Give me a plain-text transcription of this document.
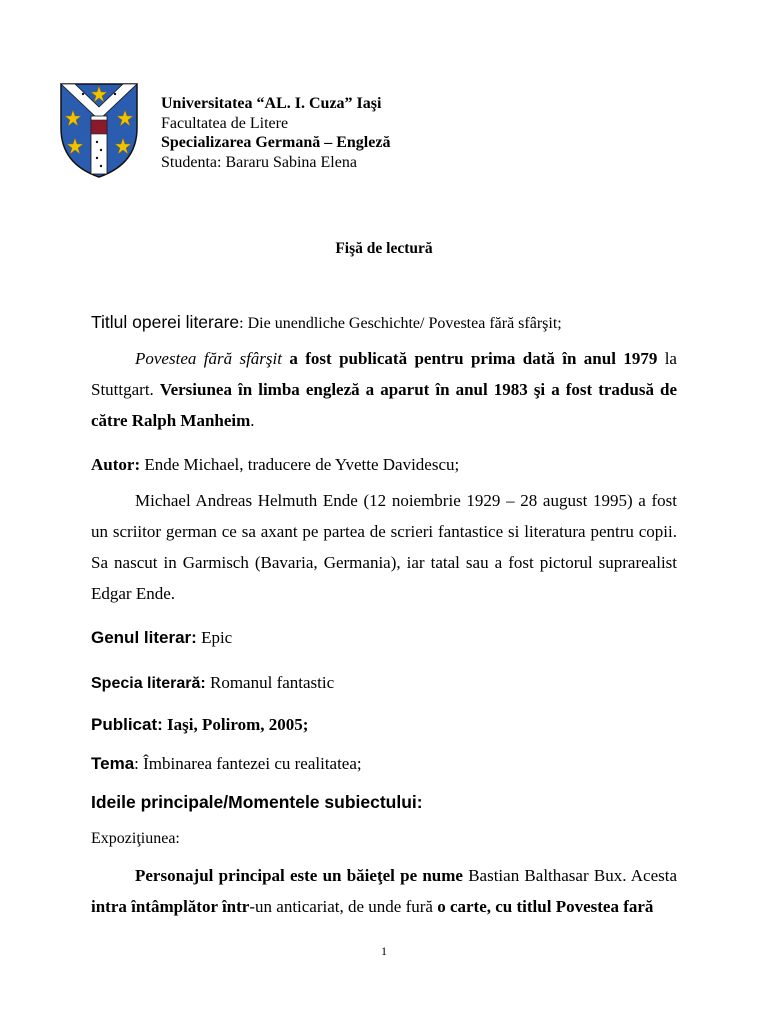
Universitatea “AL. I. Cuza” Iaşi
Facultatea de Litere
Specializarea Germană – Engleză
Studenta: Bararu Sabina Elena
Fişă de lectură
Titlul operei literare: Die unendliche Geschichte/ Povestea fără sfârşit;
Povestea fără sfârşit a fost publicată pentru prima dată în anul 1979 la Stuttgart. Versiunea în limba engleză a aparut în anul 1983 şi a fost tradusă de către Ralph Manheim.
Autor: Ende Michael, traducere de Yvette Davidescu;
Michael Andreas Helmuth Ende (12 noiembrie 1929 – 28 august 1995) a fost un scriitor german ce sa axant pe partea de scrieri fantastice si literatura pentru copii. Sa nascut in Garmisch (Bavaria, Germania), iar tatal sau a fost pictorul suprarealist Edgar Ende.
Genul literar: Epic
Specia literară: Romanul fantastic
Publicat: Iaşi, Polirom, 2005;
Tema: Îmbinarea fantezei cu realitatea;
Ideile principale/Momentele subiectului:
Expoziţiunea:
Personajul principal este un băieţel pe nume Bastian Balthasar Bux. Acesta intra întâmplător într-un anticariat, de unde fură o carte, cu titlul Povestea fară
1
